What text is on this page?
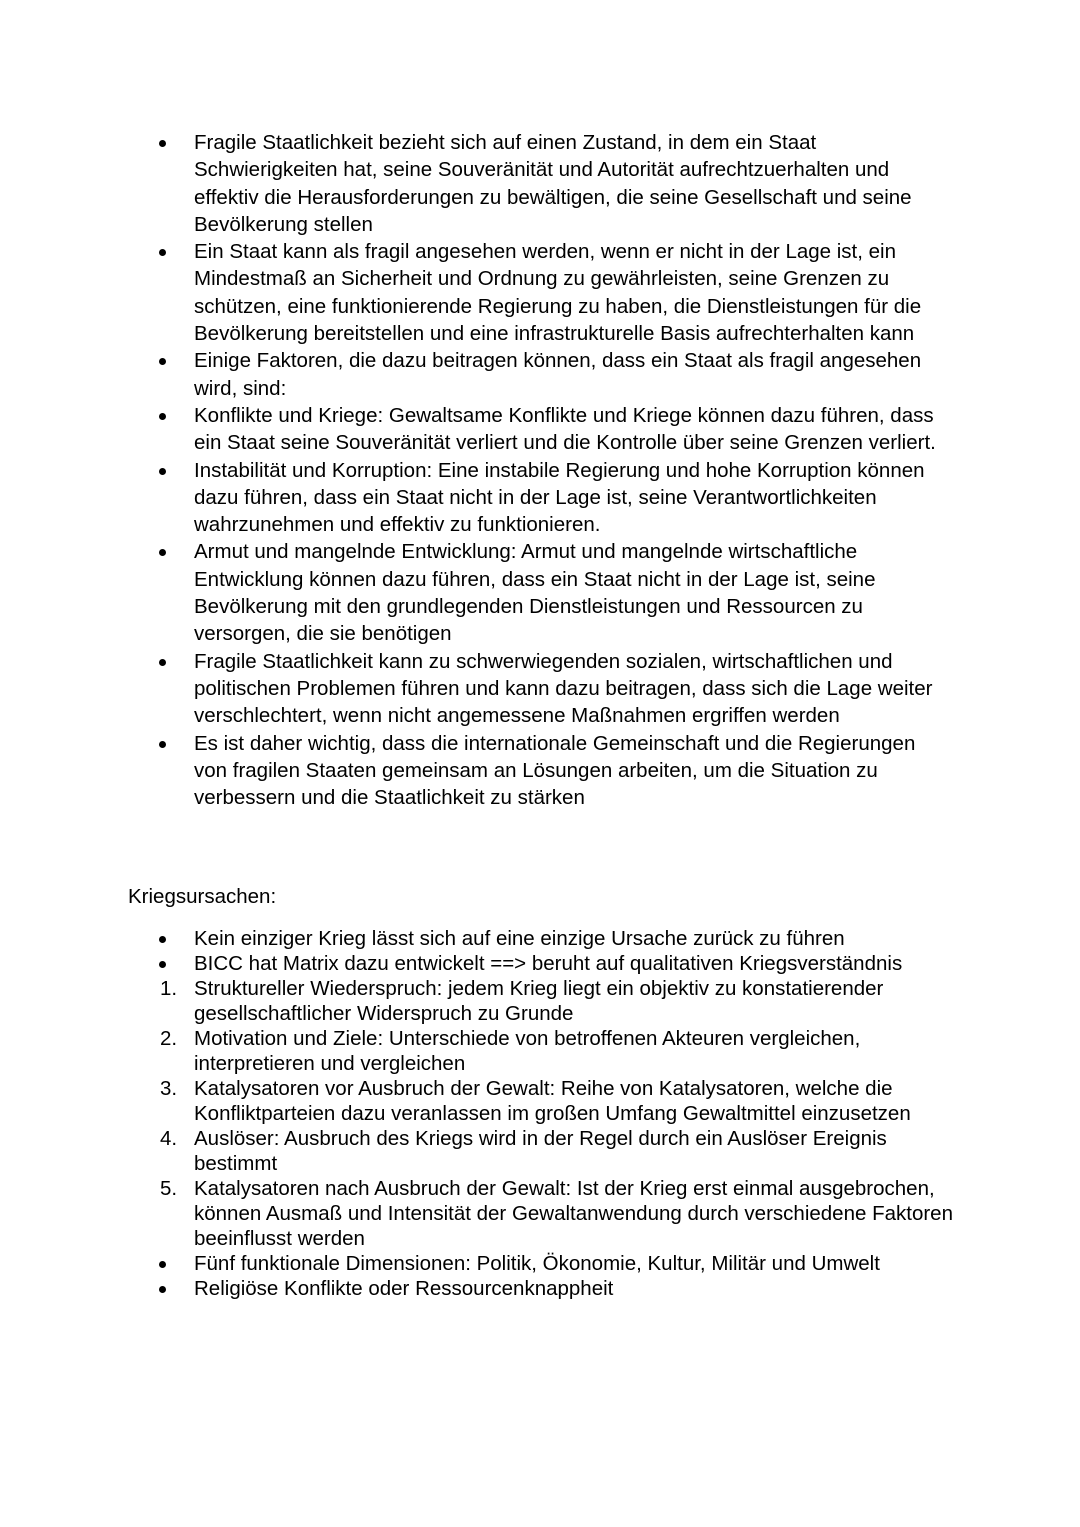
Fragile Staatlichkeit bezieht sich auf einen Zustand, in dem ein Staat Schwierigkeiten hat, seine Souveränität und Autorität aufrechtzuerhalten und effektiv die Herausforderungen zu bewältigen, die seine Gesellschaft und seine Bevölkerung stellen
Ein Staat kann als fragil angesehen werden, wenn er nicht in der Lage ist, ein Mindestmaß an Sicherheit und Ordnung zu gewährleisten, seine Grenzen zu schützen, eine funktionierende Regierung zu haben, die Dienstleistungen für die Bevölkerung bereitstellen und eine infrastrukturelle Basis aufrechterhalten kann
Einige Faktoren, die dazu beitragen können, dass ein Staat als fragil angesehen wird, sind:
Konflikte und Kriege: Gewaltsame Konflikte und Kriege können dazu führen, dass ein Staat seine Souveränität verliert und die Kontrolle über seine Grenzen verliert.
Instabilität und Korruption: Eine instabile Regierung und hohe Korruption können dazu führen, dass ein Staat nicht in der Lage ist, seine Verantwortlichkeiten wahrzunehmen und effektiv zu funktionieren.
Armut und mangelnde Entwicklung: Armut und mangelnde wirtschaftliche Entwicklung können dazu führen, dass ein Staat nicht in der Lage ist, seine Bevölkerung mit den grundlegenden Dienstleistungen und Ressourcen zu versorgen, die sie benötigen
Fragile Staatlichkeit kann zu schwerwiegenden sozialen, wirtschaftlichen und politischen Problemen führen und kann dazu beitragen, dass sich die Lage weiter verschlechtert, wenn nicht angemessene Maßnahmen ergriffen werden
Es ist daher wichtig, dass die internationale Gemeinschaft und die Regierungen von fragilen Staaten gemeinsam an Lösungen arbeiten, um die Situation zu verbessern und die Staatlichkeit zu stärken
Kriegsursachen:
Kein einziger Krieg lässt sich auf eine einzige Ursache zurück zu führen
BICC hat Matrix dazu entwickelt ==> beruht auf qualitativen Kriegsverständnis
1. Struktureller Wiederspruch: jedem Krieg liegt ein objektiv zu konstatierender gesellschaftlicher Widerspruch zu Grunde
2. Motivation und Ziele: Unterschiede von betroffenen Akteuren vergleichen, interpretieren und vergleichen
3. Katalysatoren vor Ausbruch der Gewalt: Reihe von Katalysatoren, welche die Konfliktparteien dazu veranlassen im großen Umfang Gewaltmittel einzusetzen
4. Auslöser: Ausbruch des Kriegs wird in der Regel durch ein Auslöser Ereignis bestimmt
5. Katalysatoren nach Ausbruch der Gewalt: Ist der Krieg erst einmal ausgebrochen, können Ausmaß und Intensität der Gewaltanwendung durch verschiedene Faktoren beeinflusst werden
Fünf funktionale Dimensionen: Politik, Ökonomie, Kultur, Militär und Umwelt
Religiöse Konflikte oder Ressourcenknappheit
